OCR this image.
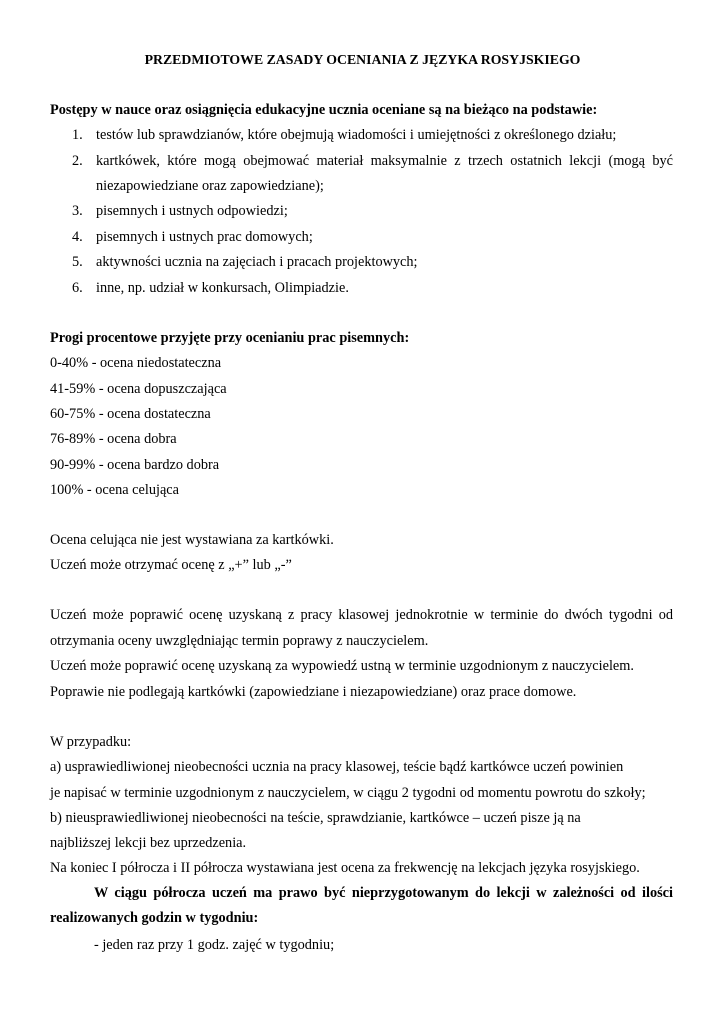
PRZEDMIOTOWE ZASADY OCENIANIA Z JĘZYKA ROSYJSKIEGO
Postępy w nauce oraz osiągnięcia edukacyjne ucznia oceniane są na bieżąco na podstawie:
1. testów lub sprawdzianów, które obejmują wiadomości i umiejętności z określonego działu;
2. kartkówek, które mogą obejmować materiał maksymalnie z trzech ostatnich lekcji (mogą być
niezapowiedziane oraz zapowiedziane);
3. pisemnych i ustnych odpowiedzi;
4. pisemnych i ustnych prac domowych;
5. aktywności ucznia na zajęciach i pracach projektowych;
6. inne, np. udział w konkursach, Olimpiadzie.
Progi procentowe przyjęte przy ocenianiu prac pisemnych:
0-40% - ocena niedostateczna
41-59% - ocena dopuszczająca
60-75% - ocena dostateczna
76-89% - ocena dobra
90-99% - ocena bardzo dobra
100% - ocena celująca
Ocena celująca nie jest wystawiana za kartkówki.
Uczeń może otrzymać ocenę z „+” lub „-”
Uczeń może poprawić ocenę uzyskaną z pracy klasowej jednokrotnie w terminie do dwóch tygodni od
otrzymania oceny uwzględniając termin poprawy z nauczycielem.
Uczeń może poprawić ocenę uzyskaną za wypowiedź ustną w terminie uzgodnionym z nauczycielem.
Poprawie nie podlegają kartkówki (zapowiedziane i niezapowiedziane) oraz prace domowe.
W przypadku:
a) usprawiedliwionej nieobecności ucznia na pracy klasowej, teście bądź kartkówce uczeń powinien
je napisać w terminie uzgodnionym z nauczycielem, w ciągu 2 tygodni od momentu powrotu do szkoły;
b) nieusprawiedliwionej nieobecności na teście, sprawdzianie, kartkówce – uczeń pisze ją na
najbliższej lekcji bez uprzedzenia.
Na koniec I półrocza i II półrocza wystawiana jest ocena za frekwencję na lekcjach języka rosyjskiego.
W ciągu półrocza uczeń ma prawo być nieprzygotowanym do lekcji w zależności od ilości
realizowanych godzin w tygodniu:
- jeden raz przy 1 godz. zajęć w tygodniu;
